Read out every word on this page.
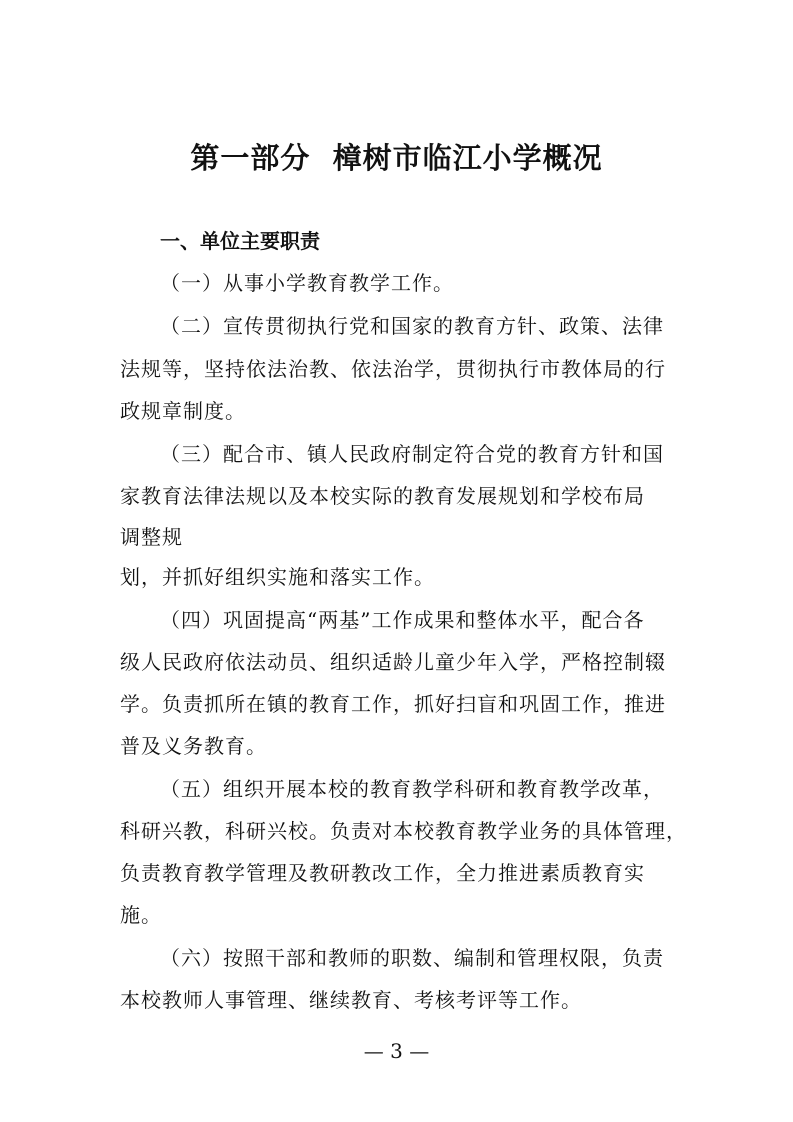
第一部分  樟树市临江小学概况
一、单位主要职责
（一）从事小学教育教学工作。
（二）宣传贯彻执行党和国家的教育方针、政策、法律
法规等，坚持依法治教、依法治学，贯彻执行市教体局的行
政规章制度。
（三）配合市、镇人民政府制定符合党的教育方针和国
家教育法律法规以及本校实际的教育发展规划和学校布局
调整规
划，并抓好组织实施和落实工作。
（四）巩固提高“两基”工作成果和整体水平，配合各
级人民政府依法动员、组织适龄儿童少年入学，严格控制辍
学。负责抓所在镇的教育工作，抓好扫盲和巩固工作，推进
普及义务教育。
（五）组织开展本校的教育教学科研和教育教学改革，
科研兴教，科研兴校。负责对本校教育教学业务的具体管理，
负责教育教学管理及教研教改工作，全力推进素质教育实
施。
（六）按照干部和教师的职数、编制和管理权限，负责
本校教师人事管理、继续教育、考核考评等工作。
— 3 —
